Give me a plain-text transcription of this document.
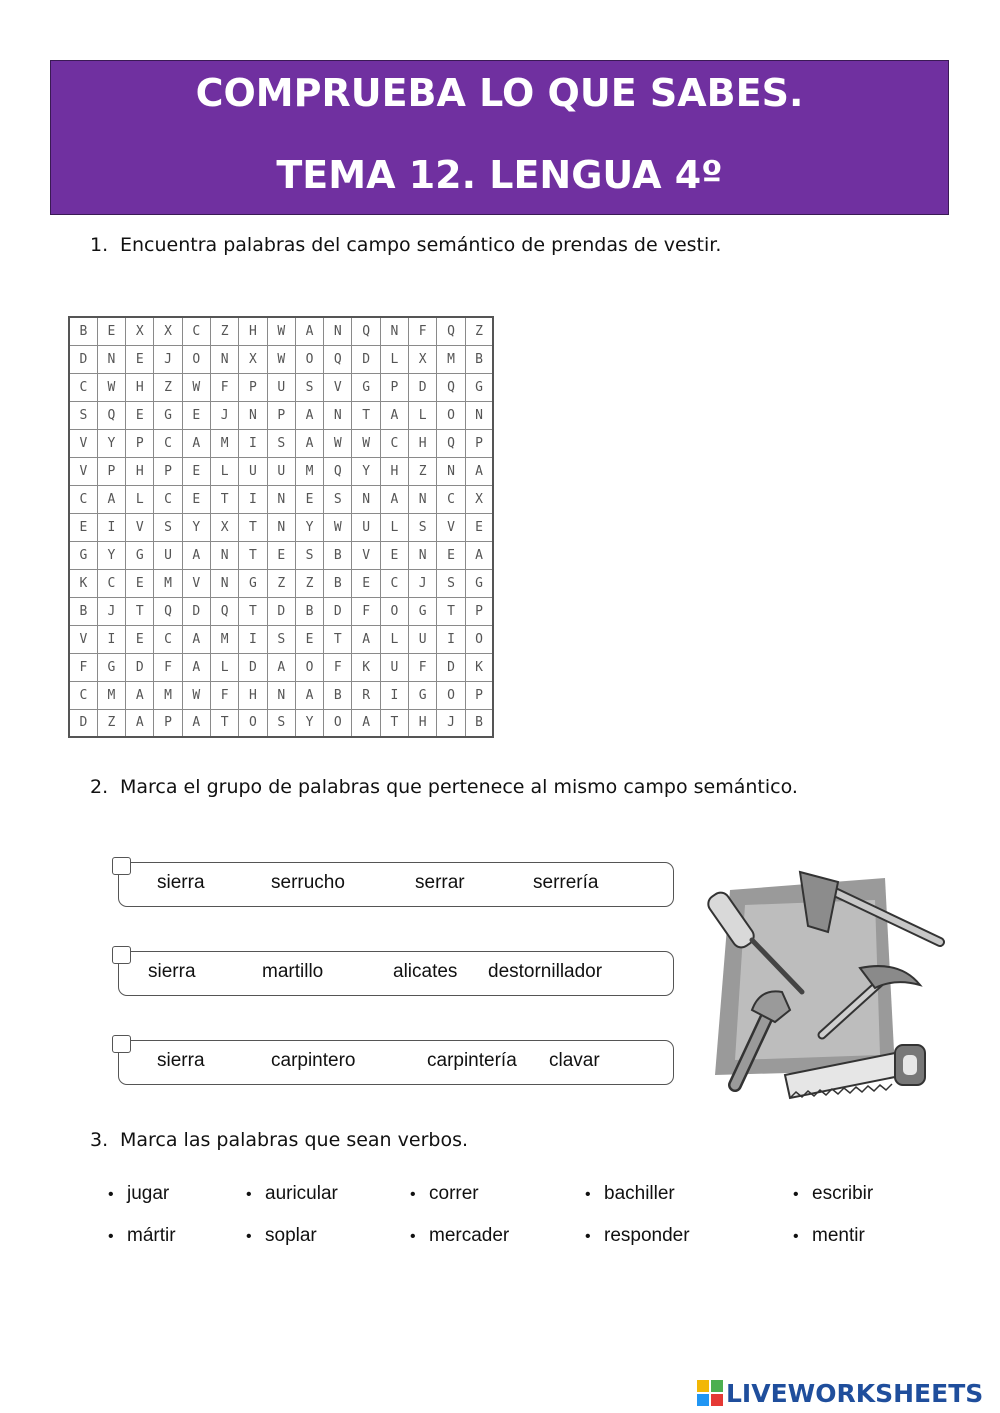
COMPRUEBA LO QUE SABES.
TEMA 12. LENGUA 4º
1. Encuentra palabras del campo semántico de prendas de vestir.
B	E	X	X	C	Z	H	W	A	N	Q	N	F	Q	Z
D	N	E	J	O	N	X	W	O	Q	D	L	X	M	B
C	W	H	Z	W	F	P	U	S	V	G	P	D	Q	G
S	Q	E	G	E	J	N	P	A	N	T	A	L	O	N
V	Y	P	C	A	M	I	S	A	W	W	C	H	Q	P
V	P	H	P	E	L	U	U	M	Q	Y	H	Z	N	A
C	A	L	C	E	T	I	N	E	S	N	A	N	C	X
E	I	V	S	Y	X	T	N	Y	W	U	L	S	V	E
G	Y	G	U	A	N	T	E	S	B	V	E	N	E	A
K	C	E	M	V	N	G	Z	Z	B	E	C	J	S	G
B	J	T	Q	D	Q	T	D	B	D	F	O	G	T	P
V	I	E	C	A	M	I	S	E	T	A	L	U	I	O
F	G	D	F	A	L	D	A	O	F	K	U	F	D	K
C	M	A	M	W	F	H	N	A	B	R	I	G	O	P
D	Z	A	P	A	T	O	S	Y	O	A	T	H	J	B
2. Marca el grupo de palabras que pertenece al mismo campo semántico.
sierra	serrucho	serrar	serrería
sierra	martillo	alicates destornillador
sierra	carpintero	carpintería clavar
3. Marca las palabras que sean verbos.
• jugar	• auricular	• correr	• bachiller	• escribir
• mártir	• soplar	• mercader	• responder	• mentir
LIVEWORKSHEETS
